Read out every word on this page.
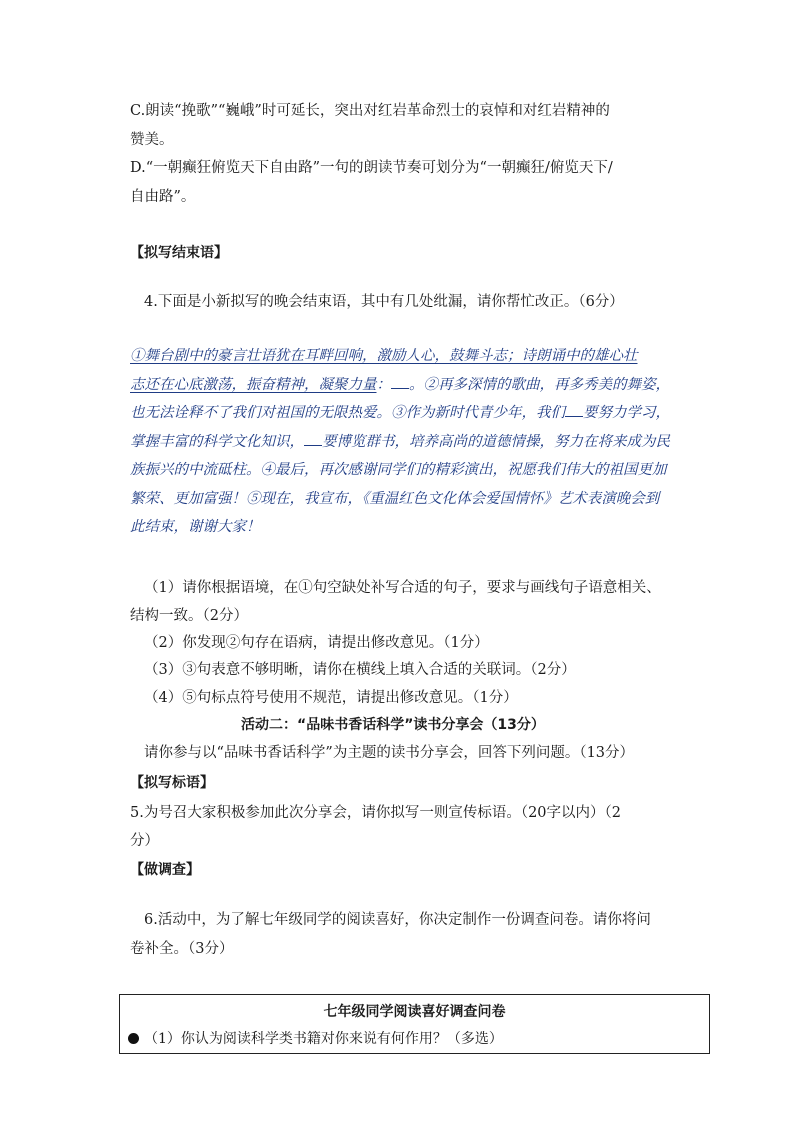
C.朗读“挽歌”“巍峨”时可延长，突出对红岩革命烈士的哀悼和对红岩精神的
赞美。
D.“一朝癫狂俯览天下自由路”一句的朗读节奏可划分为“一朝癫狂/俯览天下/
自由路”。
【拟写结束语】
4.下面是小新拟写的晚会结束语，其中有几处纰漏，请你帮忙改正。（6分）
①舞台剧中的豪言壮语犹在耳畔回响，激励人心，鼓舞斗志；诗朗诵中的雄心壮
志还在心底激荡，振奋精神，凝聚力量： 。②再多深情的歌曲，再多秀美的舞姿，
也无法诠释不了我们对祖国的无限热爱。③作为新时代青少年，我们 要努力学习，
掌握丰富的科学文化知识， 要博览群书，培养高尚的道德情操，努力在将来成为民
族振兴的中流砥柱。④最后，再次感谢同学们的精彩演出，祝愿我们伟大的祖国更加
繁荣、更加富强！⑤现在，我宣布，《重温红色文化体会爱国情怀》艺术表演晚会到
此结束，谢谢大家！
（1）请你根据语境，在①句空缺处补写合适的句子，要求与画线句子语意相关、
结构一致。（2分）
（2）你发现②句存在语病，请提出修改意见。（1分）
（3）③句表意不够明晰，请你在横线上填入合适的关联词。（2分）
（4）⑤句标点符号使用不规范，请提出修改意见。（1分）
活动二：“品味书香话科学”读书分享会（13分）
请你参与以“品味书香话科学”为主题的读书分享会，回答下列问题。（13分）
【拟写标语】
5.为号召大家积极参加此次分享会，请你拟写一则宣传标语。（20字以内）（2
分）
【做调查】
6.活动中，为了解七年级同学的阅读喜好，你决定制作一份调查问卷。请你将问
卷补全。（3分）
七年级同学阅读喜好调查问卷
（1）你认为阅读科学类书籍对你来说有何作用？（多选）
